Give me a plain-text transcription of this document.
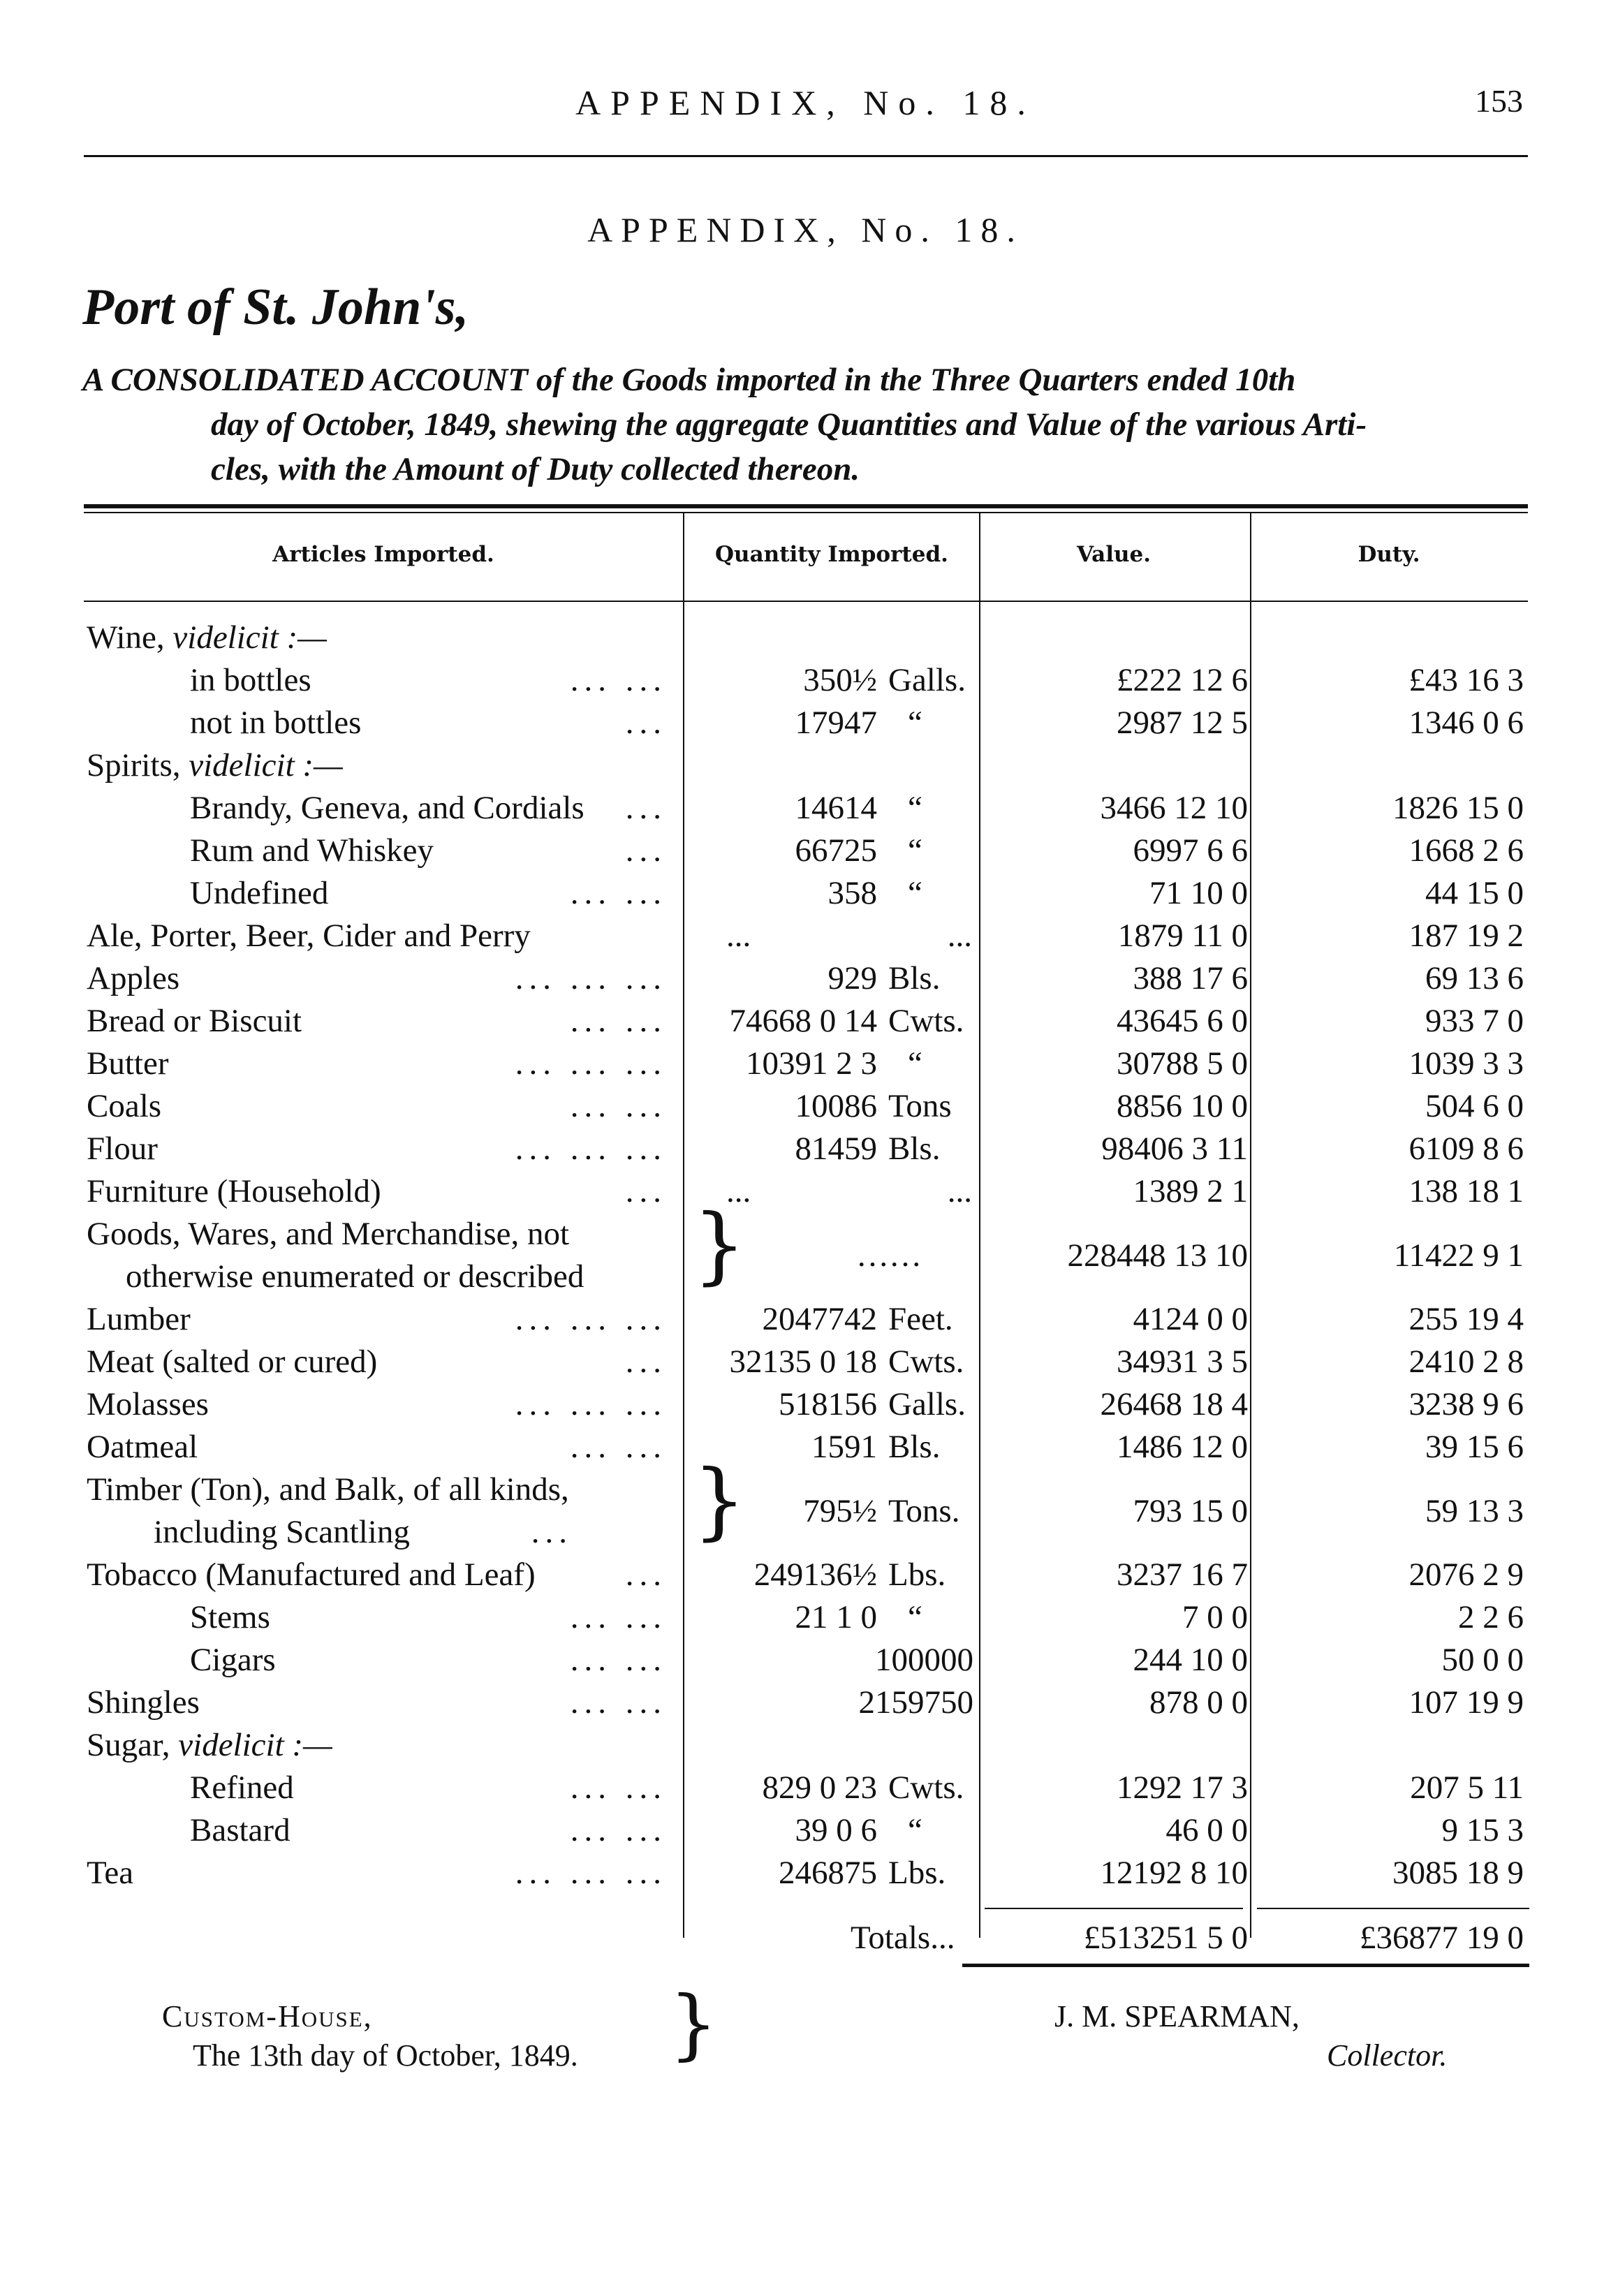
APPENDIX, No. 18.	153
APPENDIX, No. 18.
Port of St. John's,
A CONSOLIDATED ACCOUNT of the Goods imported in the Three Quarters ended 10th
day of October, 1849, shewing the aggregate Quantities and Value of the various Arti-
cles, with the Amount of Duty collected thereon.
Articles Imported.	Quantity Imported.	Value.	Duty.
Wine, videlicit :—
in bottles	... ...	350½ Galls.	£222 12 6	£43 16 3
not in bottles	...	17947 “	2987 12 5	1346 0 6
Spirits, videlicit :—
Brandy, Geneva, and Cordials ...	14614 “	3466 12 10	1826 15 0
Rum and Whiskey	...	66725 “	6997 6 6	1668 2 6
Undefined	... ...	358 “	71 10 0	44 15 0
Ale, Porter, Beer, Cider and Perry	...	...	1879 11 0	187 19 2
Apples	... ... ...	929 Bls.	388 17 6	69 13 6
Bread or Biscuit	... ... 74668 0 14 Cwts.	43645 6 0	933 7 0
Butter	... ... ... 10391 2 3 “	30788 5 0	1039 3 3
Coals	... ...	10086 Tons	8856 10 0	504 6 0
Flour	... ... ...	81459 Bls.	98406 3 11	6109 8 6
Furniture (Household)	... ...	...	1389 2 1	138 18 1
Goods, Wares, and Merchandise, not
otherwise enumerated or described }	……	228448 13 10	11422 9 1
Lumber	... ... ...	2047742 Feet.	4124 0 0	255 19 4
Meat (salted or cured)	... 32135 0 18 Cwts.	34931 3 5	2410 2 8
Molasses	... ... ...	518156 Galls.	26468 18 4	3238 9 6
Oatmeal	... ...	1591 Bls.	1486 12 0	39 15 6
Timber (Ton), and Balk, of all kinds,
including Scantling	... } 795½ Tons.	793 15 0	59 13 3
Tobacco (Manufactured and Leaf)	...	249136½ Lbs.	3237 16 7	2076 2 9
Stems	... ...	21 1 0 “	7 0 0	2 2 6
Cigars	... ...	100000	244 10 0	50 0 0
Shingles	... ...	2159750	878 0 0	107 19 9
Sugar, videlicit :—
Refined	... ...	829 0 23 Cwts.	1292 17 3	207 5 11
Bastard	... ...	39 0 6 “	46 0 0	9 15 3
Tea	... ... ...	246875 Lbs.	12192 8 10	3085 18 9
Totals...	£513251 5 0	£36877 19 0
Custom-House,
The 13th day of October, 1849. }	J. M. SPEARMAN,
Collector.
